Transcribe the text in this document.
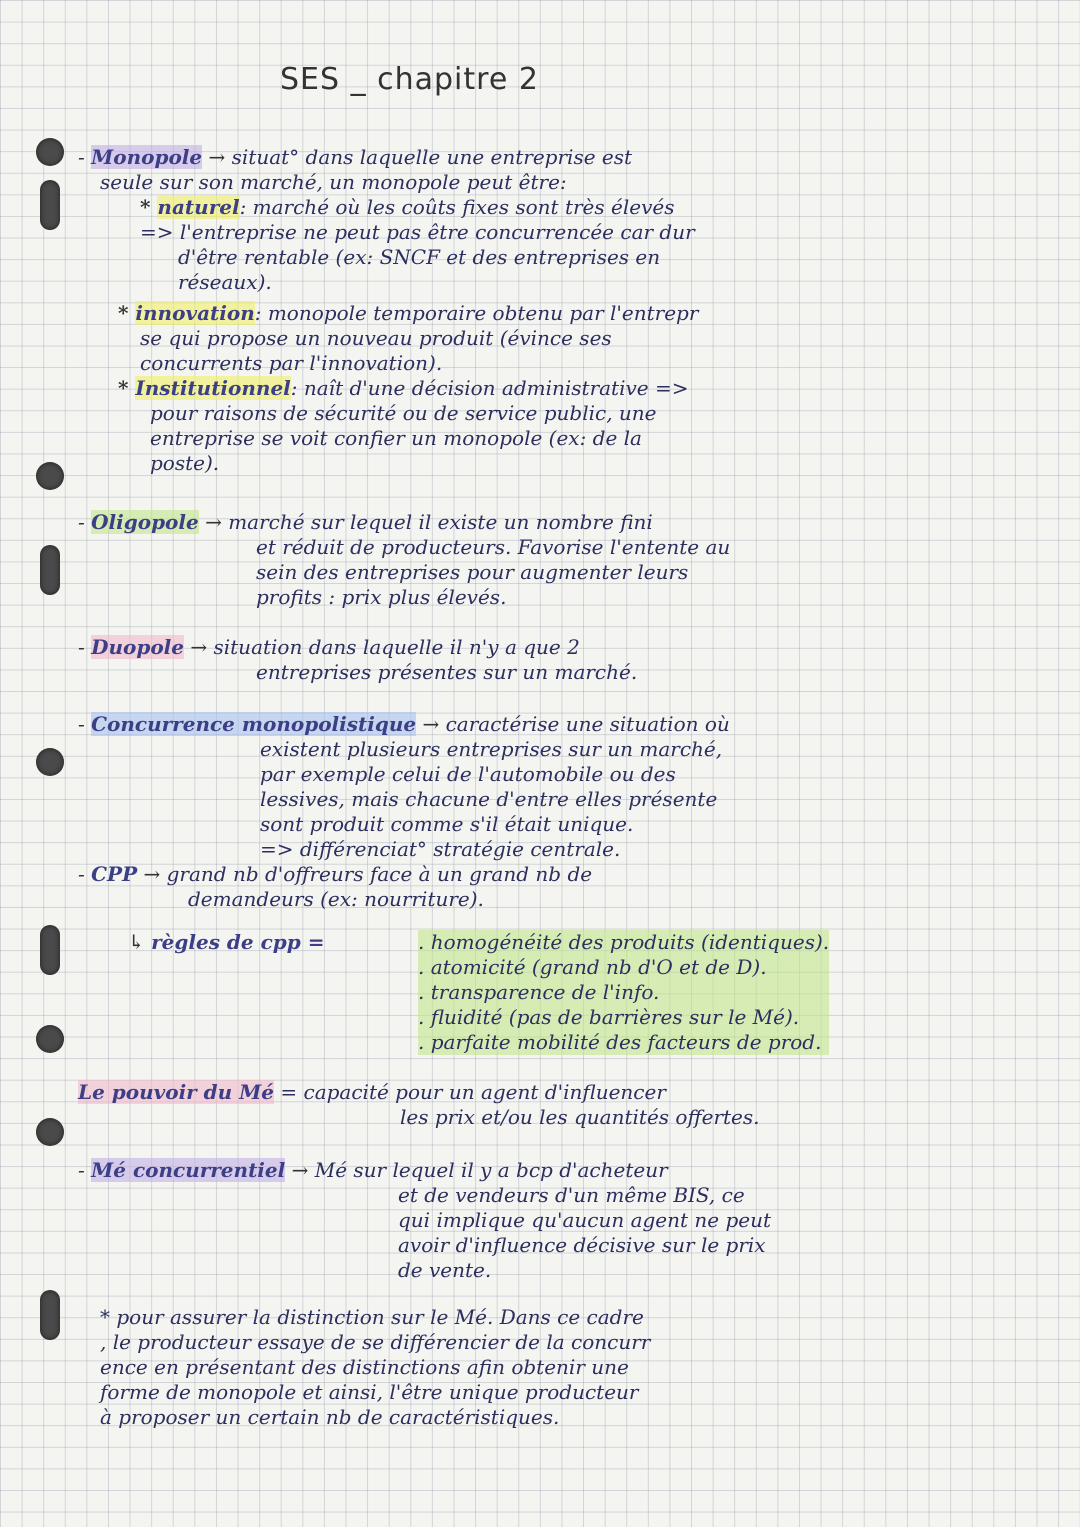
SES _ chapitre 2
- Monopole → situat° dans laquelle une entreprise est
seule sur son marché, un monopole peut être:
* naturel: marché où les coûts fixes sont très élevés
=> l'entreprise ne peut pas être concurrencée car dur
d'être rentable (ex: SNCF et des entreprises en
réseaux).
* innovation: monopole temporaire obtenu par l'entrepr
se qui propose un nouveau produit (évince ses
concurrents par l'innovation).
* Institutionnel: naît d'une décision administrative =>
pour raisons de sécurité ou de service public, une
entreprise se voit confier un monopole (ex: de la
poste).
- Oligopole → marché sur lequel il existe un nombre fini
et réduit de producteurs. Favorise l'entente au
sein des entreprises pour augmenter leurs
profits : prix plus élevés.
- Duopole → situation dans laquelle il n'y a que 2
entreprises présentes sur un marché.
- Concurrence monopolistique → caractérise une situation où
existent plusieurs entreprises sur un marché,
par exemple celui de l'automobile ou des
lessives, mais chacune d'entre elles présente
sont produit comme s'il était unique.
=> différenciat° stratégie centrale.
- CPP → grand nb d'offreurs face à un grand nb de
demandeurs (ex: nourriture).
↳ règles de cpp =	. homogénéité des produits (identiques).
. atomicité (grand nb d'O et de D).
. transparence de l'info.
. fluidité (pas de barrières sur le Mé).
. parfaite mobilité des facteurs de prod.
Le pouvoir du Mé = capacité pour un agent d'influencer
les prix et/ou les quantités offertes.
- Mé concurrentiel → Mé sur lequel il y a bcp d'acheteur
et de vendeurs d'un même BIS, ce
qui implique qu'aucun agent ne peut
avoir d'influence décisive sur le prix
de vente.
* pour assurer la distinction sur le Mé. Dans ce cadre
, le producteur essaye de se différencier de la concurr
ence en présentant des distinctions afin obtenir une
forme de monopole et ainsi, l'être unique producteur
à proposer un certain nb de caractéristiques.
